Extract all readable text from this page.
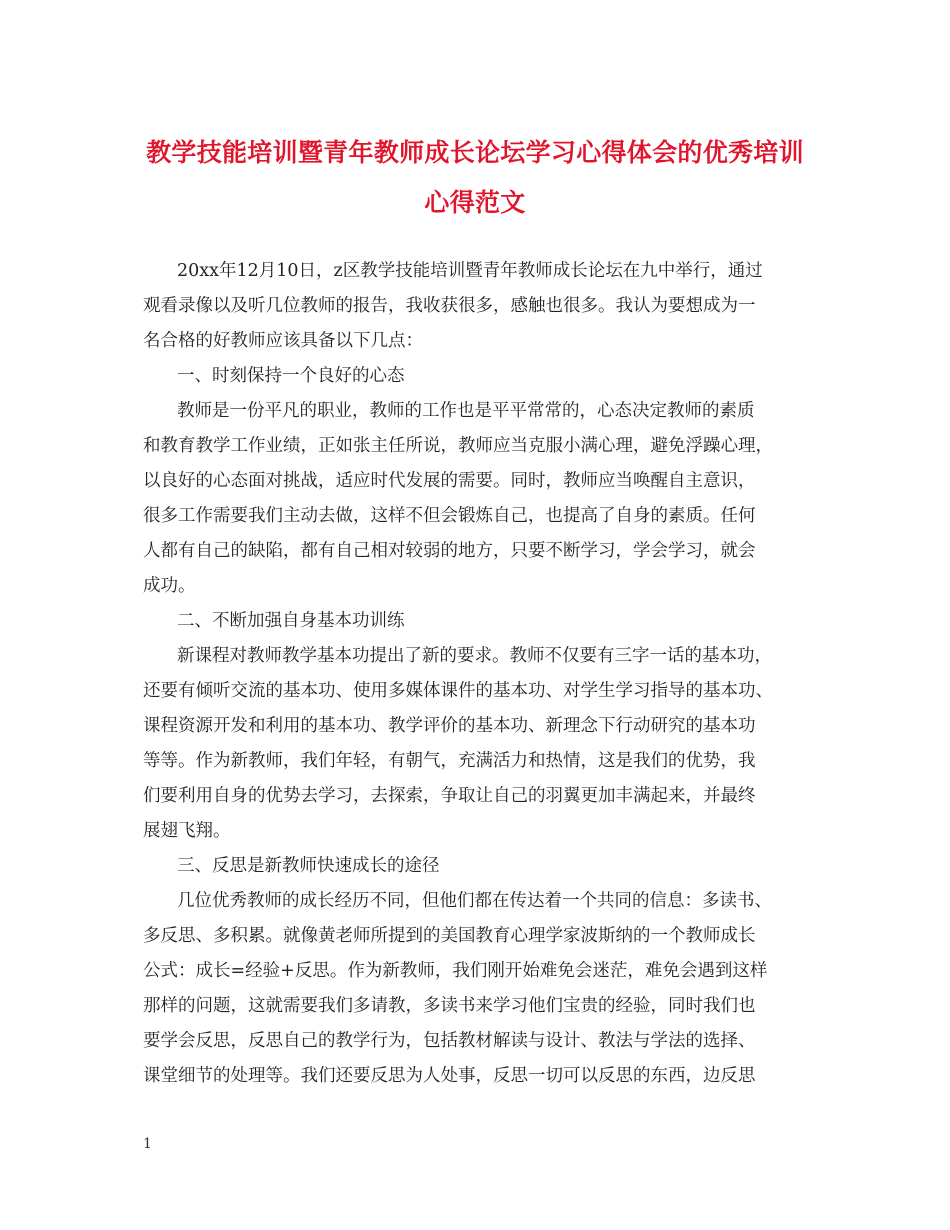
教学技能培训暨青年教师成长论坛学习心得体会的优秀培训
心得范文
20xx年12月10日，z区教学技能培训暨青年教师成长论坛在九中举行，通过
观看录像以及听几位教师的报告，我收获很多，感触也很多。我认为要想成为一
名合格的好教师应该具备以下几点：
一、时刻保持一个良好的心态
教师是一份平凡的职业，教师的工作也是平平常常的，心态决定教师的素质
和教育教学工作业绩，正如张主任所说，教师应当克服小满心理，避免浮躁心理，
以良好的心态面对挑战，适应时代发展的需要。同时，教师应当唤醒自主意识，
很多工作需要我们主动去做，这样不但会锻炼自己，也提高了自身的素质。任何
人都有自己的缺陷，都有自己相对较弱的地方，只要不断学习，学会学习，就会
成功。
二、不断加强自身基本功训练
新课程对教师教学基本功提出了新的要求。教师不仅要有三字一话的基本功，
还要有倾听交流的基本功、使用多媒体课件的基本功、对学生学习指导的基本功、
课程资源开发和利用的基本功、教学评价的基本功、新理念下行动研究的基本功
等等。作为新教师，我们年轻，有朝气，充满活力和热情，这是我们的优势，我
们要利用自身的优势去学习，去探索，争取让自己的羽翼更加丰满起来，并最终
展翅飞翔。
三、反思是新教师快速成长的途径
几位优秀教师的成长经历不同，但他们都在传达着一个共同的信息：多读书、
多反思、多积累。就像黄老师所提到的美国教育心理学家波斯纳的一个教师成长
公式：成长=经验+反思。作为新教师，我们刚开始难免会迷茫，难免会遇到这样
那样的问题，这就需要我们多请教，多读书来学习他们宝贵的经验，同时我们也
要学会反思，反思自己的教学行为，包括教材解读与设计、教法与学法的选择、
课堂细节的处理等。我们还要反思为人处事，反思一切可以反思的东西，边反思
1
